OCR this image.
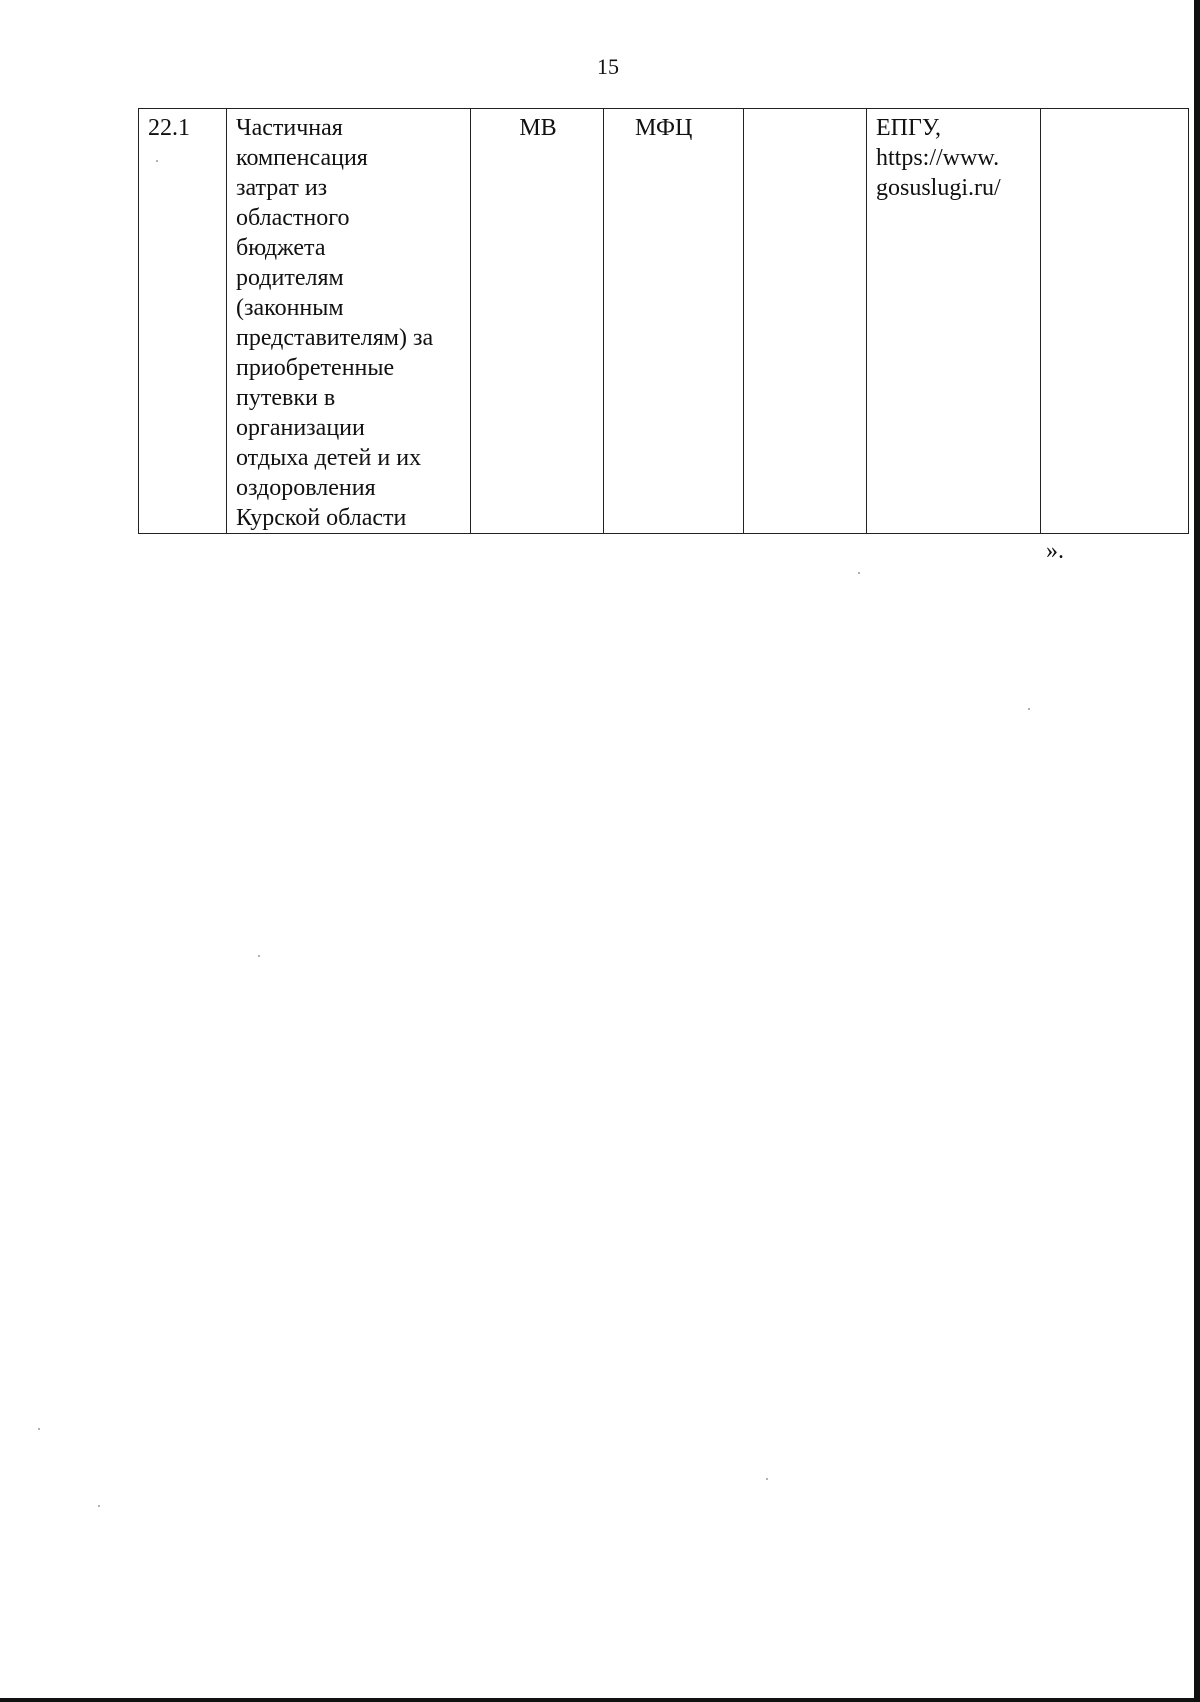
15
22.1	Частичная
компенсация
затрат из
областного
бюджета
родителям
(законным
представителям) за
приобретенные
путевки в
организации
отдыха детей и их
оздоровления
Курской области	МВ	МФЦ		ЕПГУ,
https://www.
gosuslugi.ru/	
».
